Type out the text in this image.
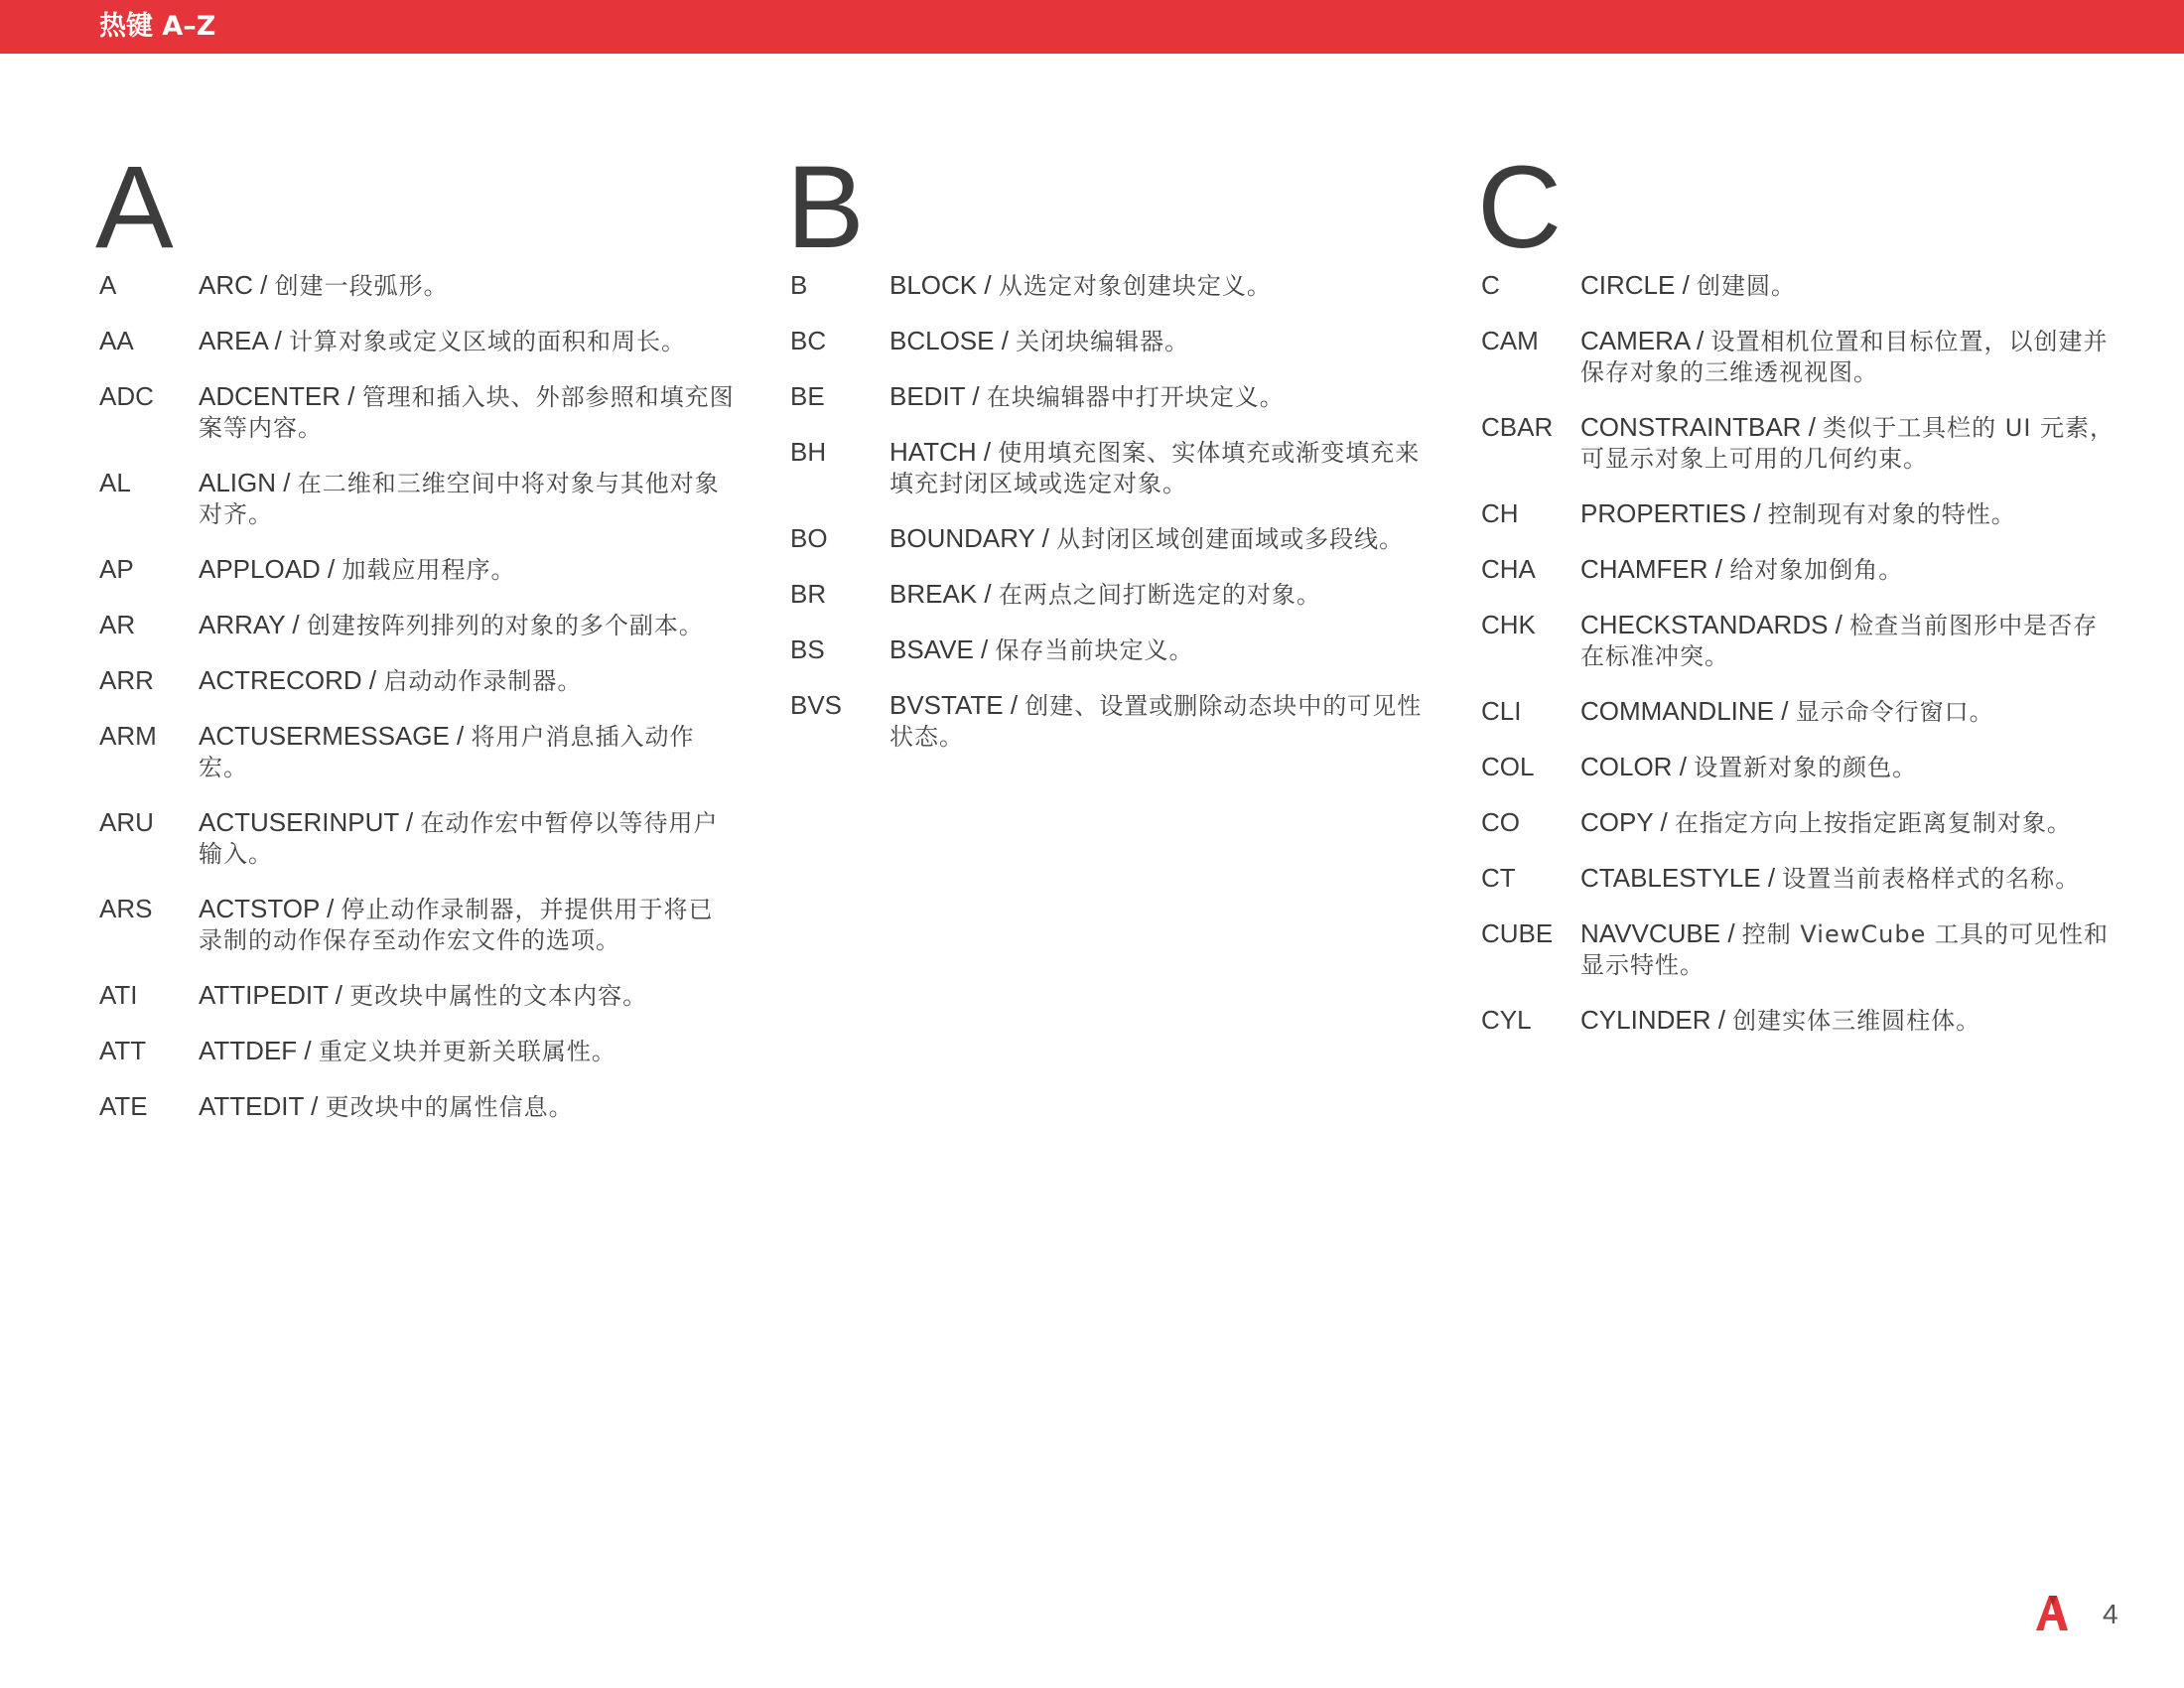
热键 A–Z
A
A	ARC / 创建一段弧形。
AA	AREA / 计算对象或定义区域的面积和周长。
ADC	ADCENTER / 管理和插入块、外部参照和填充图案等内容。
AL	ALIGN / 在二维和三维空间中将对象与其他对象对齐。
AP	APPLOAD / 加载应用程序。
AR	ARRAY / 创建按阵列排列的对象的多个副本。
ARR	ACTRECORD / 启动动作录制器。
ARM	ACTUSERMESSAGE / 将用户消息插入动作宏。
ARU	ACTUSERINPUT / 在动作宏中暂停以等待用户输入。
ARS	ACTSTOP / 停止动作录制器，并提供用于将已录制的动作保存至动作宏文件的选项。
ATI	ATTIPEDIT / 更改块中属性的文本内容。
ATT	ATTDEF / 重定义块并更新关联属性。
ATE	ATTEDIT / 更改块中的属性信息。
B
B	BLOCK / 从选定对象创建块定义。
BC	BCLOSE / 关闭块编辑器。
BE	BEDIT / 在块编辑器中打开块定义。
BH	HATCH / 使用填充图案、实体填充或渐变填充来填充封闭区域或选定对象。
BO	BOUNDARY / 从封闭区域创建面域或多段线。
BR	BREAK / 在两点之间打断选定的对象。
BS	BSAVE / 保存当前块定义。
BVS	BVSTATE / 创建、设置或删除动态块中的可见性状态。
C
C	CIRCLE / 创建圆。
CAM	CAMERA / 设置相机位置和目标位置，以创建并保存对象的三维透视视图。
CBAR	CONSTRAINTBAR / 类似于工具栏的 UI 元素，可显示对象上可用的几何约束。
CH	PROPERTIES / 控制现有对象的特性。
CHA	CHAMFER / 给对象加倒角。
CHK	CHECKSTANDARDS / 检查当前图形中是否存在标准冲突。
CLI	COMMANDLINE / 显示命令行窗口。
COL	COLOR / 设置新对象的颜色。
CO	COPY / 在指定方向上按指定距离复制对象。
CT	CTABLESTYLE / 设置当前表格样式的名称。
CUBE	NAVVCUBE / 控制 ViewCube 工具的可见性和显示特性。
CYL	CYLINDER / 创建实体三维圆柱体。
4
